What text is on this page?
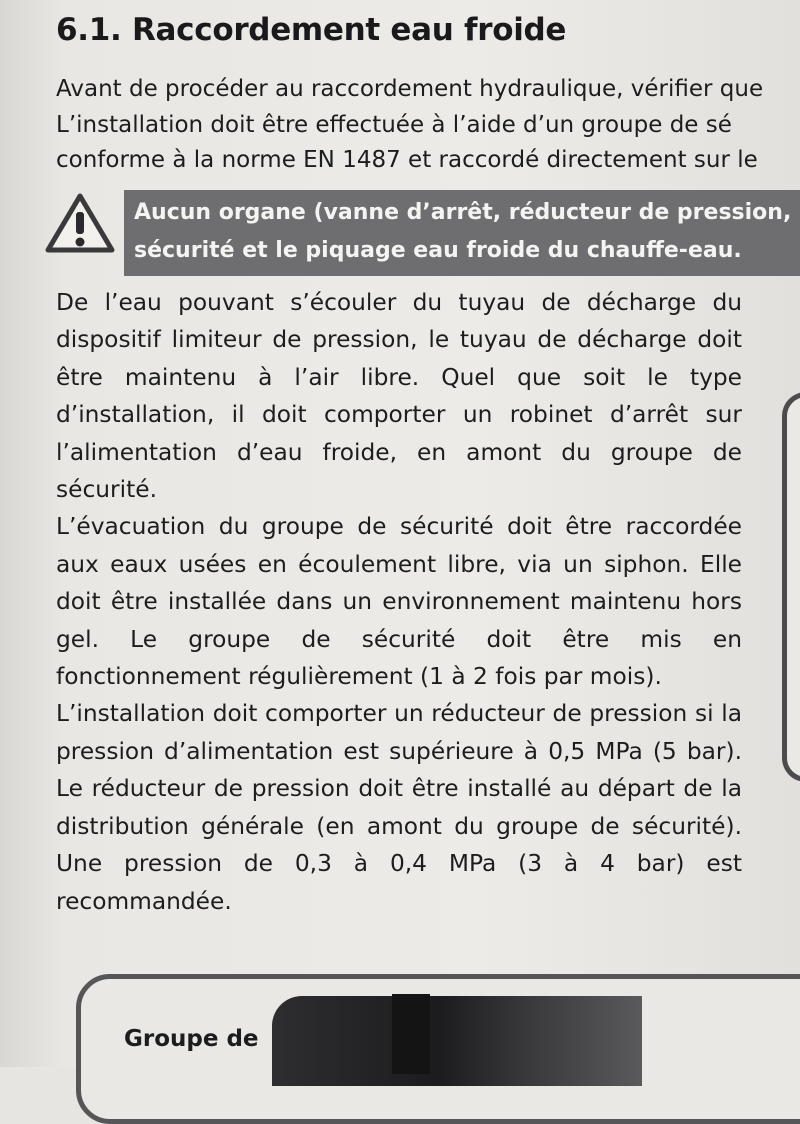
6.1. Raccordement eau froide
Avant de procéder au raccordement hydraulique, vérifier que
L’installation doit être effectuée à l’aide d’un groupe de sé
conforme à la norme EN 1487 et raccordé directement sur le
Aucun organe (vanne d’arrêt, réducteur de pression,
sécurité et le piquage eau froide du chauffe-eau.

De l’eau pouvant s’écouler du tuyau de décharge du dispositif limiteur de pression, le tuyau de décharge doit être maintenu à l’air libre. Quel que soit le type d’installation, il doit comporter un robinet d’arrêt sur l’alimentation d’eau froide, en amont du groupe de sécurité.

L’évacuation du groupe de sécurité doit être raccordée aux eaux usées en écoulement libre, via un siphon. Elle doit être installée dans un environnement maintenu hors gel. Le groupe de sécurité doit être mis en fonctionnement régulièrement (1 à 2 fois par mois).

L’installation doit comporter un réducteur de pression si la pression d’alimentation est supérieure à 0,5 MPa (5 bar). Le réducteur de pression doit être installé au départ de la distribution générale (en amont du groupe de sécurité). Une pression de 0,3 à 0,4 MPa (3 à 4 bar) est recommandée.

Groupe de
